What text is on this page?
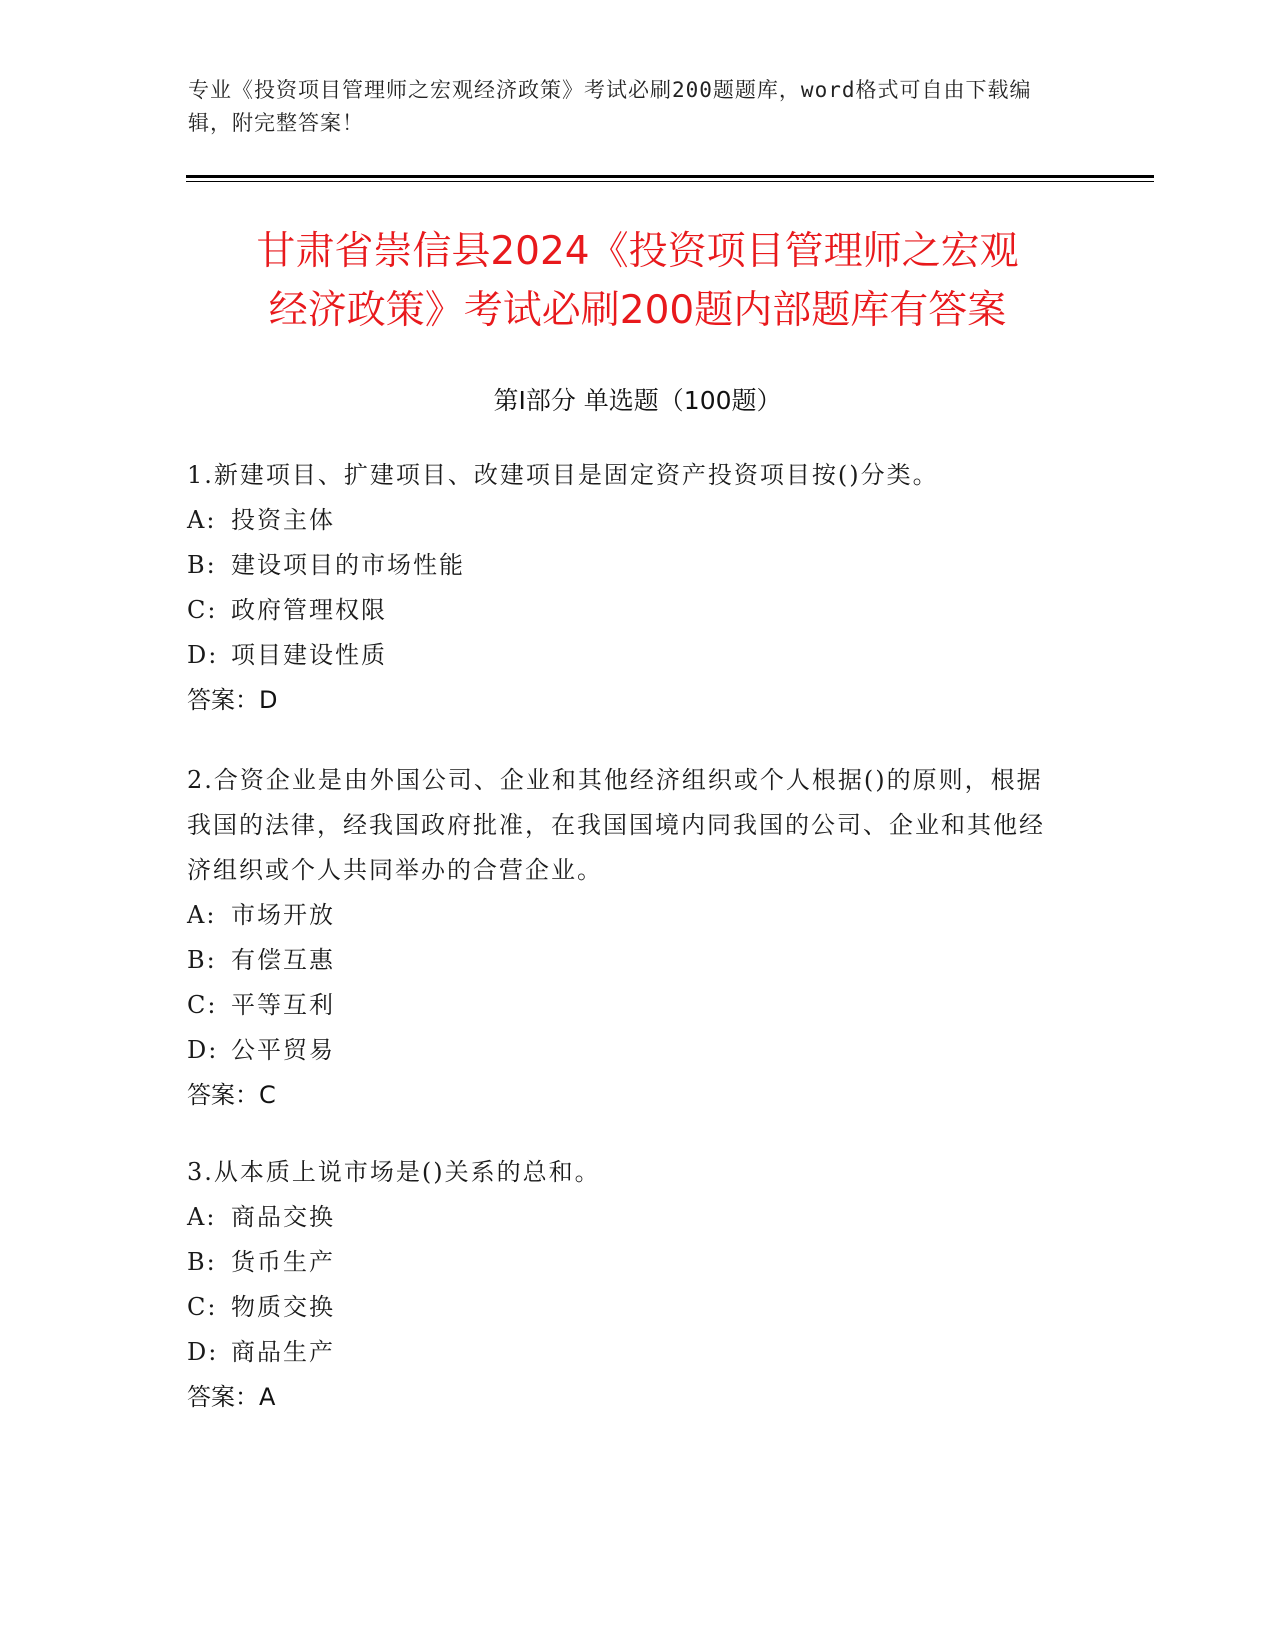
专业《投资项目管理师之宏观经济政策》考试必刷200题题库，word格式可自由下载编辑，附完整答案！
甘肃省崇信县2024《投资项目管理师之宏观
经济政策》考试必刷200题内部题库有答案
第I部分 单选题（100题）
1.新建项目、扩建项目、改建项目是固定资产投资项目按()分类。
A: 投资主体
B: 建设项目的市场性能
C: 政府管理权限
D: 项目建设性质
答案：D
2.合资企业是由外国公司、企业和其他经济组织或个人根据()的原则，根据我国的法律，经我国政府批准，在我国国境内同我国的公司、企业和其他经济组织或个人共同举办的合营企业。
A: 市场开放
B: 有偿互惠
C: 平等互利
D: 公平贸易
答案：C
3.从本质上说市场是()关系的总和。
A: 商品交换
B: 货币生产
C: 物质交换
D: 商品生产
答案：A
